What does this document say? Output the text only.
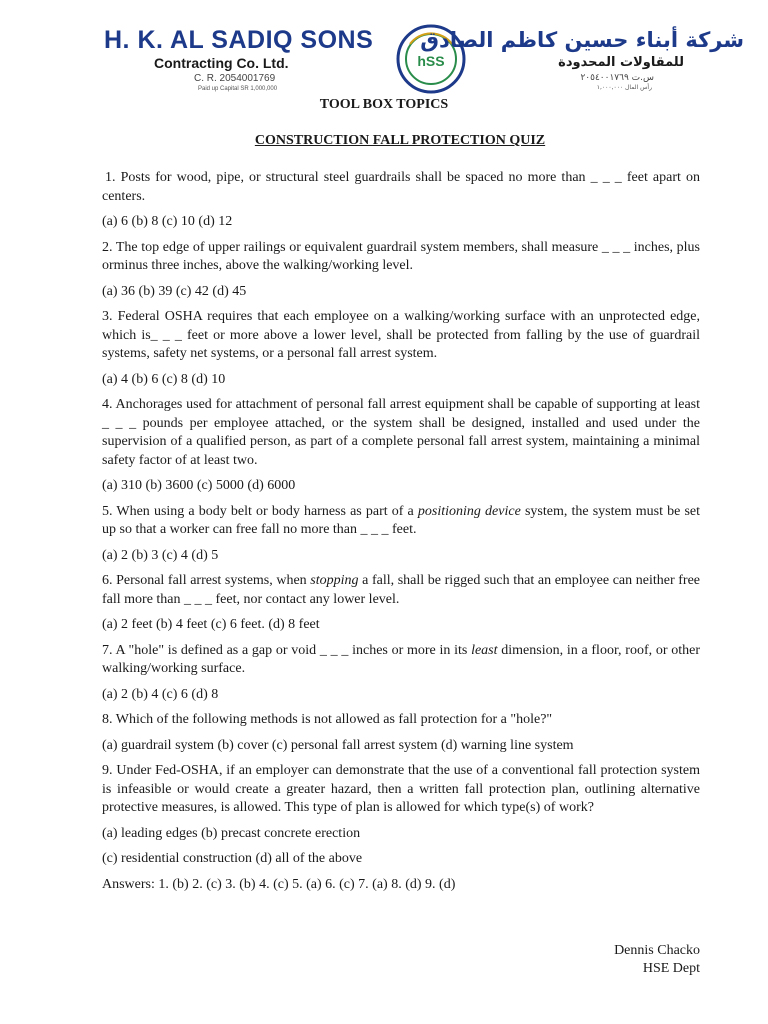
H. K. AL SADIQ SONS
Contracting Co. Ltd.
C. R. 2054001769
Paid up Capital SR 1,000,000
hSS
شركة أبناء حسين كاظم الصادق
للمقاولات المحدودة
س.ت ٢٠٥٤٠٠١٧٦٩
رأس المال ١,٠٠٠,٠٠٠
TOOL BOX TOPICS
CONSTRUCTION FALL PROTECTION QUIZ

1. Posts for wood, pipe, or structural steel guardrails shall be spaced no more than _ _ _ feet apart on centers.

(a) 6 (b) 8 (c) 10 (d) 12

2. The top edge of upper railings or equivalent guardrail system members, shall measure _ _ _ inches, plus orminus three inches, above the walking/working level.

(a) 36 (b) 39 (c) 42 (d) 45

3. Federal OSHA requires that each employee on a walking/working surface with an unprotected edge, which is_ _ _ feet or more above a lower level, shall be protected from falling by the use of guardrail systems, safety net systems, or a personal fall arrest system.

(a) 4 (b) 6 (c) 8 (d) 10

4. Anchorages used for attachment of personal fall arrest equipment shall be capable of supporting at least _ _ _ pounds per employee attached, or the system shall be designed, installed and used under the supervision of a qualified person, as part of a complete personal fall arrest system, maintaining a minimal safety factor of at least two.

(a) 310 (b) 3600 (c) 5000 (d) 6000

5. When using a body belt or body harness as part of a positioning device system, the system must be set up so that a worker can free fall no more than _ _ _ feet.

(a) 2 (b) 3 (c) 4 (d) 5

6. Personal fall arrest systems, when stopping a fall, shall be rigged such that an employee can neither free fall more than _ _ _ feet, nor contact any lower level.

(a) 2 feet (b) 4 feet (c) 6 feet. (d) 8 feet

7. A "hole" is defined as a gap or void _ _ _ inches or more in its least dimension, in a floor, roof, or other walking/working surface.

(a) 2 (b) 4 (c) 6 (d) 8

8. Which of the following methods is not allowed as fall protection for a "hole?"

(a) guardrail system (b) cover (c) personal fall arrest system (d) warning line system

9. Under Fed-OSHA, if an employer can demonstrate that the use of a conventional fall protection system is infeasible or would create a greater hazard, then a written fall protection plan, outlining alternative protective measures, is allowed. This type of plan is allowed for which type(s) of work?

(a) leading edges (b) precast concrete erection

(c) residential construction (d) all of the above

Answers: 1. (b) 2. (c) 3. (b) 4. (c) 5. (a) 6. (c) 7. (a) 8. (d) 9. (d)

Dennis Chacko
HSE Dept
